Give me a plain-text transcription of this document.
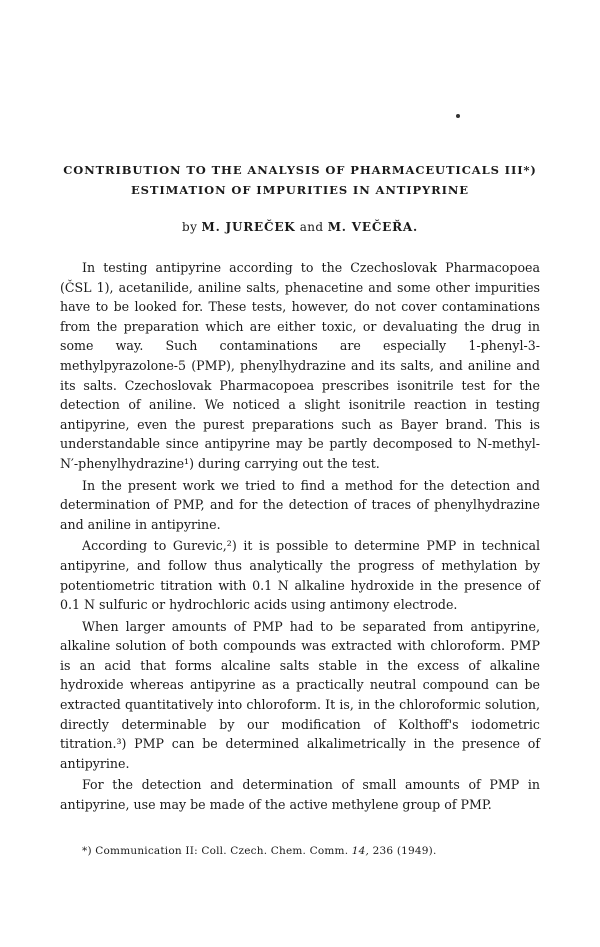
CONTRIBUTION TO THE ANALYSIS OF PHARMACEUTICALS III*)
ESTIMATION OF IMPURITIES IN ANTIPYRINE
by M. JUREČEK and M. VEČEŘA.

In testing antipyrine according to the Czechoslovak Pharmacopoea (ČSL 1), acetanilide, aniline salts, phenacetine and some other impurities have to be looked for. These tests, however, do not cover contaminations from the preparation which are either toxic, or devaluating the drug in some way. Such contaminations are especially 1-phenyl-3-methylpyrazolone-5 (PMP), phenylhydrazine and its salts, and aniline and its salts. Czechoslovak Pharmacopoea prescribes isonitrile test for the detection of aniline. We noticed a slight isonitrile reaction in testing antipyrine, even the purest preparations such as Bayer brand. This is understandable since antipyrine may be partly decomposed to N-methyl-N′-phenylhydrazine¹) during carrying out the test.

In the present work we tried to find a method for the detection and determination of PMP, and for the detection of traces of phenylhydrazine and aniline in antipyrine.

According to Gurevic,²) it is possible to determine PMP in technical antipyrine, and follow thus analytically the progress of methylation by potentiometric titration with 0.1 N alkaline hydroxide in the presence of 0.1 N sulfuric or hydrochloric acids using antimony electrode.

When larger amounts of PMP had to be separated from antipyrine, alkaline solution of both compounds was extracted with chloroform. PMP is an acid that forms alcaline salts stable in the excess of alkaline hydroxide whereas antipyrine as a practically neutral compound can be extracted quantitatively into chloroform. It is, in the chloroformic solution, directly determinable by our modification of Kolthoff's iodometric titration.³) PMP can be determined alkalimetrically in the presence of antipyrine.

For the detection and determination of small amounts of PMP in antipyrine, use may be made of the active methylene group of PMP.

*) Communication II: Coll. Czech. Chem. Comm. 14, 236 (1949).
